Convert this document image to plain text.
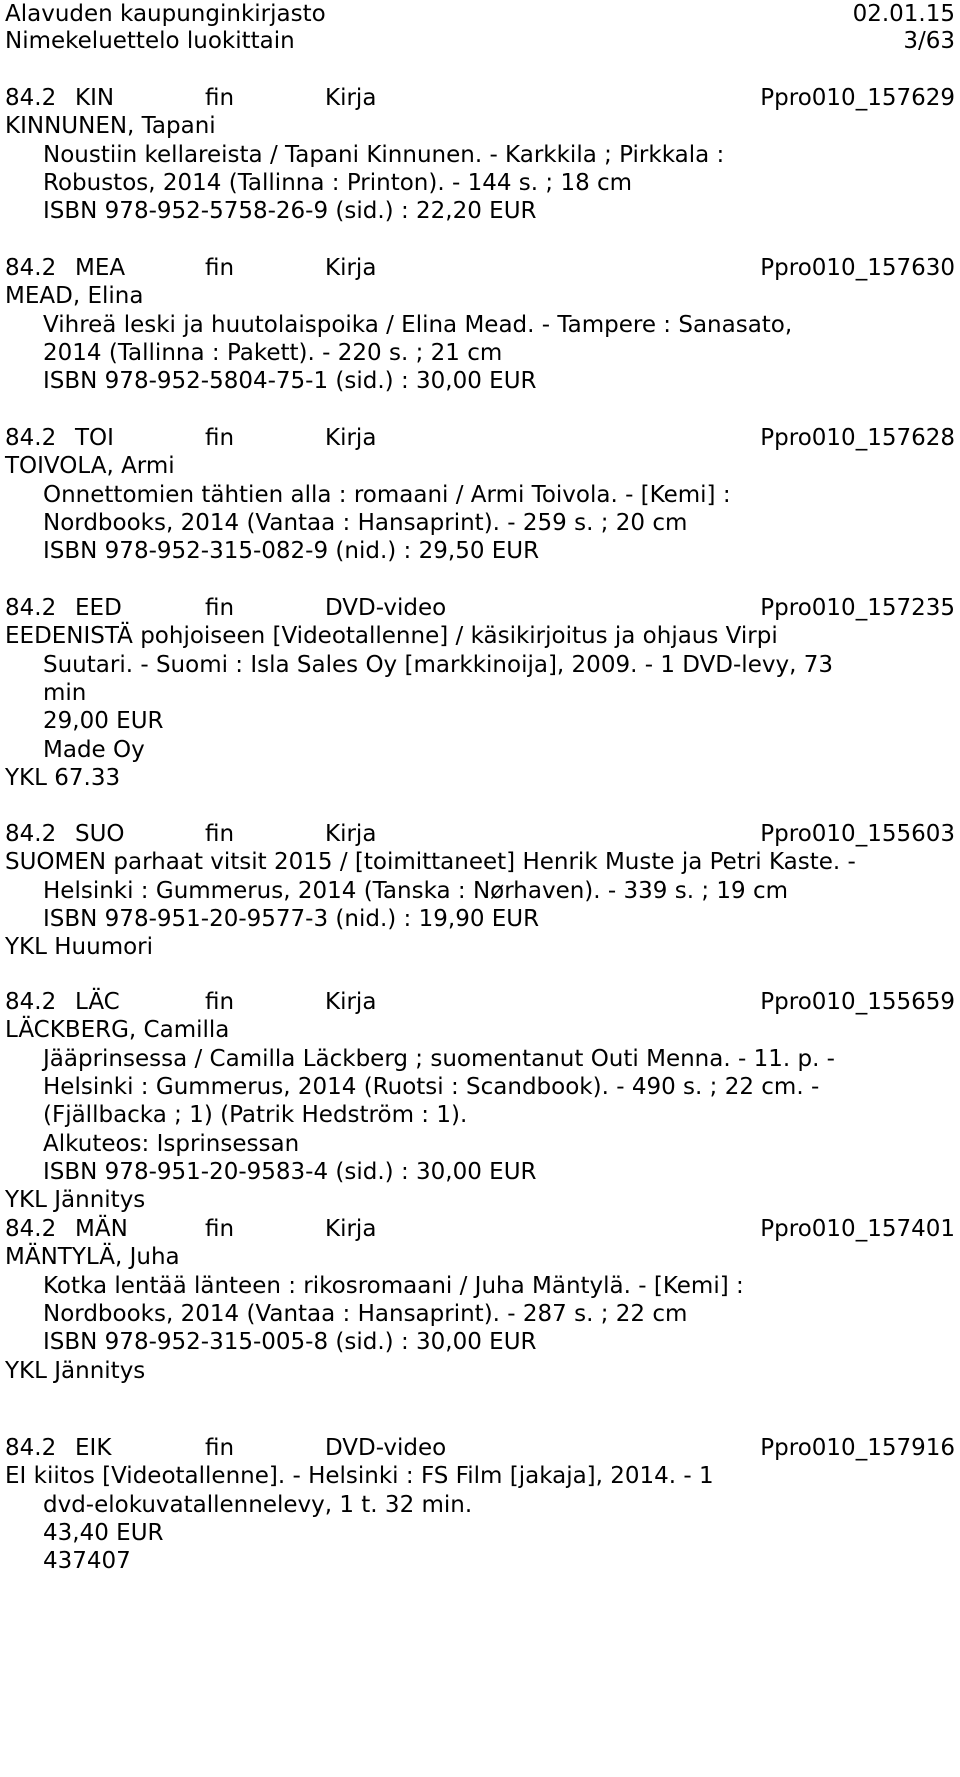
Alavuden kaupunginkirjasto	02.01.15
Nimekeluettelo luokittain	3/63
84.2 KIN	fin	Kirja	Ppro010_157629
KINNUNEN, Tapani
Noustiin kellareista / Tapani Kinnunen. - Karkkila ; Pirkkala :
Robustos, 2014 (Tallinna : Printon). - 144 s. ; 18 cm
ISBN 978-952-5758-26-9 (sid.) : 22,20 EUR
84.2 MEA	fin	Kirja	Ppro010_157630
MEAD, Elina
Vihreä leski ja huutolaispoika / Elina Mead. - Tampere : Sanasato,
2014 (Tallinna : Pakett). - 220 s. ; 21 cm
ISBN 978-952-5804-75-1 (sid.) : 30,00 EUR
84.2 TOI	fin	Kirja	Ppro010_157628
TOIVOLA, Armi
Onnettomien tähtien alla : romaani / Armi Toivola. - [Kemi] :
Nordbooks, 2014 (Vantaa : Hansaprint). - 259 s. ; 20 cm
ISBN 978-952-315-082-9 (nid.) : 29,50 EUR
84.2 EED	fin	DVD-video	Ppro010_157235
EEDENISTÄ pohjoiseen [Videotallenne] / käsikirjoitus ja ohjaus Virpi
Suutari. - Suomi : Isla Sales Oy [markkinoija], 2009. - 1 DVD-levy, 73
min
29,00 EUR
Made Oy
YKL 67.33
84.2 SUO	fin	Kirja	Ppro010_155603
SUOMEN parhaat vitsit 2015 / [toimittaneet] Henrik Muste ja Petri Kaste. -
Helsinki : Gummerus, 2014 (Tanska : Nørhaven). - 339 s. ; 19 cm
ISBN 978-951-20-9577-3 (nid.) : 19,90 EUR
YKL Huumori
84.2 LÄC	fin	Kirja	Ppro010_155659
LÄCKBERG, Camilla
Jääprinsessa / Camilla Läckberg ; suomentanut Outi Menna. - 11. p. -
Helsinki : Gummerus, 2014 (Ruotsi : Scandbook). - 490 s. ; 22 cm. -
(Fjällbacka ; 1) (Patrik Hedström : 1).
Alkuteos: Isprinsessan
ISBN 978-951-20-9583-4 (sid.) : 30,00 EUR
YKL Jännitys
84.2 MÄN	fin	Kirja	Ppro010_157401
MÄNTYLÄ, Juha
Kotka lentää länteen : rikosromaani / Juha Mäntylä. - [Kemi] :
Nordbooks, 2014 (Vantaa : Hansaprint). - 287 s. ; 22 cm
ISBN 978-952-315-005-8 (sid.) : 30,00 EUR
YKL Jännitys
84.2 EIK	fin	DVD-video	Ppro010_157916
EI kiitos [Videotallenne]. - Helsinki : FS Film [jakaja], 2014. - 1
dvd-elokuvatallennelevy, 1 t. 32 min.
43,40 EUR
437407
